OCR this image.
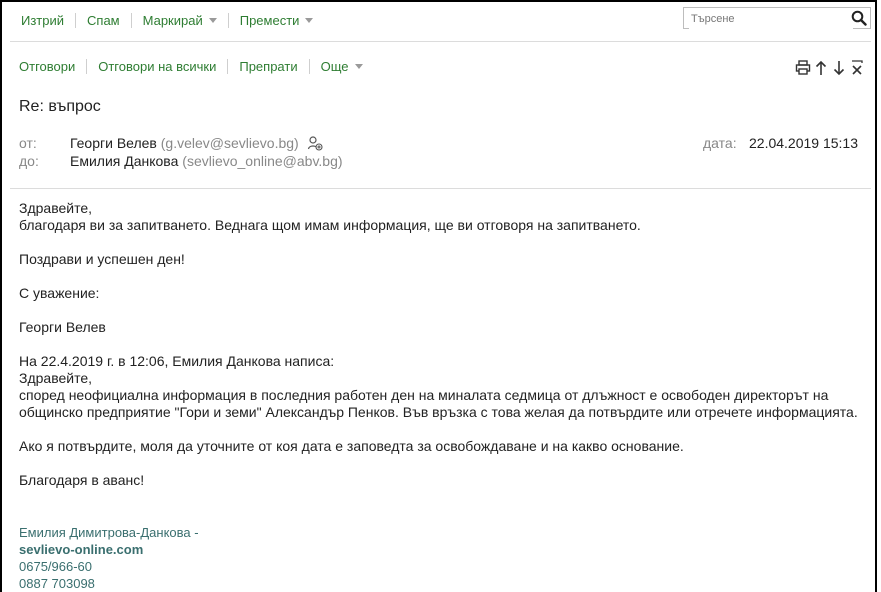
Изтрий	Спам	Маркирай	Премести
Търсене
Отговори	Отговори на всички	Препрати	Още
Re: въпрос
от: Георги Велев (g.velev@sevlievo.bg)
до: Емилия Данкова (sevlievo_online@abv.bg)
дата: 22.04.2019 15:13

Здравейте,

благодаря ви за запитването. Веднага щом имам информация, ще ви отговоря на запитването.

Поздрави и успешен ден!

С уважение:

Георги Велев

На 22.4.2019 г. в 12:06, Емилия Данкова написа:

Здравейте,

според неофициална информация в последния работен ден на миналата седмица от длъжност е освободен директорът на

общинско предприятие "Гори и земи" Александър Пенков. Във връзка с това желая да потвърдите или отречете информацията.

Ако я потвърдите, моля да уточните от коя дата е заповедта за освобождаване и на какво основание.

Благодаря в аванс!

Емилия Димитрова-Данкова -
sevlievo-online.com
0675/966-60
0887 703098
